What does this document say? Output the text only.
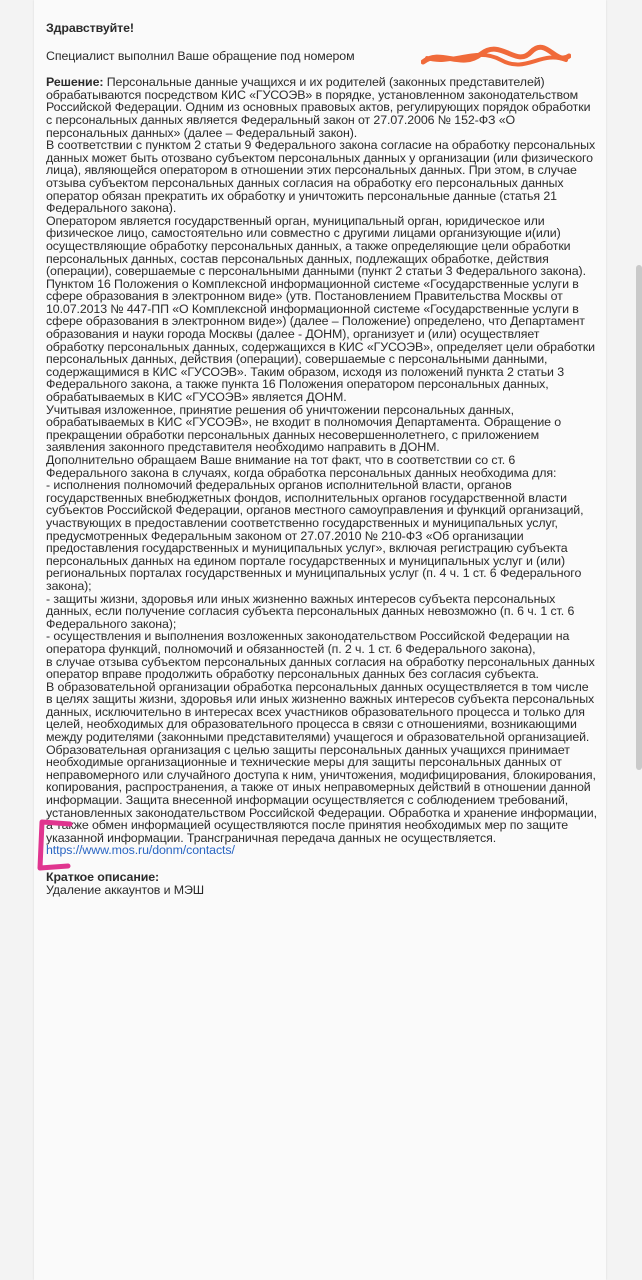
Здравствуйте!
Специалист выполнил Ваше обращение под номером

Решение: Персональные данные учащихся и их родителей (законных представителей) обрабатываются посредством КИС «ГУСОЭВ» в порядке, установленном законодательством Российской Федерации. Одним из основных правовых актов, регулирующих порядок обработки с персональных данных является Федеральный закон от 27.07.2006 № 152-ФЗ «О персональных данных» (далее – Федеральный закон).

В соответствии с пунктом 2 статьи 9 Федерального закона согласие на обработку персональных данных может быть отозвано субъектом персональных данных у организации (или физического лица), являющейся оператором в отношении этих персональных данных. При этом, в случае отзыва субъектом персональных данных согласия на обработку его персональных данных оператор обязан прекратить их обработку и уничтожить персональные данные (статья 21 Федерального закона).

Оператором является государственный орган, муниципальный орган, юридическое или физическое лицо, самостоятельно или совместно с другими лицами организующие и(или) осуществляющие обработку персональных данных, а также определяющие цели обработки персональных данных, состав персональных данных, подлежащих обработке, действия (операции), совершаемые с персональными данными (пункт 2 статьи 3 Федерального закона).

Пунктом 16 Положения о Комплексной информационной системе «Государственные услуги в сфере образования в электронном виде» (утв. Постановлением Правительства Москвы от 10.07.2013 № 447-ПП «О Комплексной информационной системе «Государственные услуги в сфере образования в электронном виде») (далее – Положение) определено, что Департамент образования и науки города Москвы (далее - ДОНМ), организует и (или) осуществляет обработку персональных данных, содержащихся в КИС «ГУСОЭВ», определяет цели обработки персональных данных, действия (операции), совершаемые с персональными данными, содержащимися в КИС «ГУСОЭВ». Таким образом, исходя из положений пункта 2 статьи 3 Федерального закона, а также пункта 16 Положения оператором персональных данных, обрабатываемых в КИС «ГУСОЭВ» является ДОНМ.

Учитывая изложенное, принятие решения об уничтожении персональных данных, обрабатываемых в КИС «ГУСОЭВ», не входит в полномочия Департамента. Обращение о прекращении обработки персональных данных несовершеннолетнего, с приложением заявления законного представителя необходимо направить в ДОНМ.

Дополнительно обращаем Ваше внимание на тот факт, что в соответствии со ст. 6 Федерального закона в случаях, когда обработка персональных данных необходима для:

- исполнения полномочий федеральных органов исполнительной власти, органов государственных внебюджетных фондов, исполнительных органов государственной власти субъектов Российской Федерации, органов местного самоуправления и функций организаций, участвующих в предоставлении соответственно государственных и муниципальных услуг, предусмотренных Федеральным законом от 27.07.2010 № 210-ФЗ «Об организации предоставления государственных и муниципальных услуг», включая регистрацию субъекта персональных данных на едином портале государственных и муниципальных услуг и (или) региональных порталах государственных и муниципальных услуг (п. 4 ч. 1 ст. 6 Федерального закона);

- защиты жизни, здоровья или иных жизненно важных интересов субъекта персональных данных, если получение согласия субъекта персональных данных невозможно (п. 6 ч. 1 ст. 6 Федерального закона);

- осуществления и выполнения возложенных законодательством Российской Федерации на оператора функций, полномочий и обязанностей (п. 2 ч. 1 ст. 6 Федерального закона),

в случае отзыва субъектом персональных данных согласия на обработку персональных данных оператор вправе продолжить обработку персональных данных без согласия субъекта.

В образовательной организации обработка персональных данных осуществляется в том числе в целях защиты жизни, здоровья или иных жизненно важных интересов субъекта персональных данных, исключительно в интересах всех участников образовательного процесса и только для целей, необходимых для образовательного процесса в связи с отношениями, возникающими между родителями (законными представителями) учащегося и образовательной организацией. Образовательная организация с целью защиты персональных данных учащихся принимает необходимые организационные и технические меры для защиты персональных данных от неправомерного или случайного доступа к ним, уничтожения, модифицирования, блокирования, копирования, распространения, а также от иных неправомерных действий в отношении данной информации. Защита внесенной информации осуществляется с соблюдением требований, установленных законодательством Российской Федерации. Обработка и хранение информации, а также обмен информацией осуществляются после принятия необходимых мер по защите указанной информации. Трансграничная передача данных не осуществляется.

https://www.mos.ru/donm/contacts/

Краткое описание:
Удаление аккаунтов и МЭШ
